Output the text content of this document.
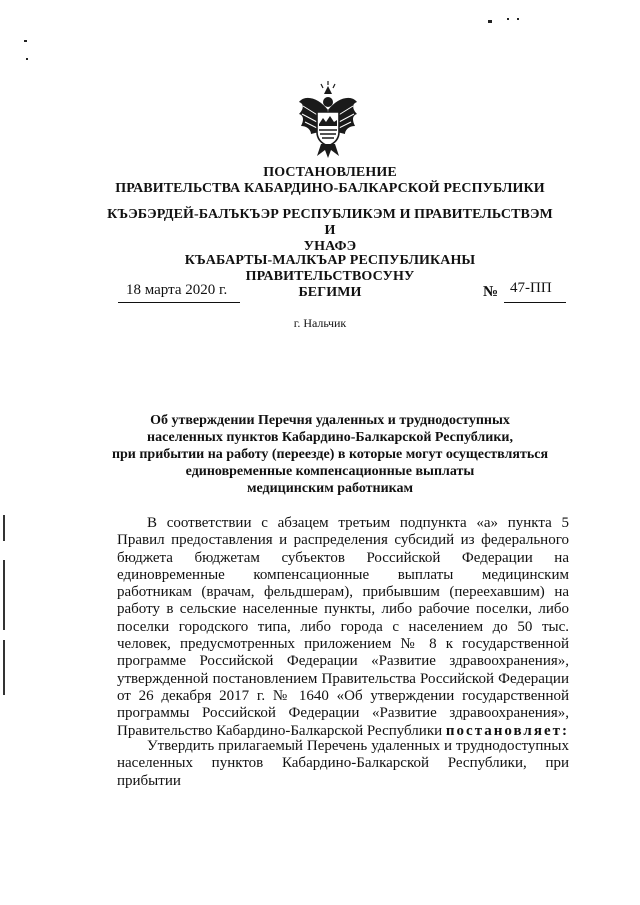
ПОСТАНОВЛЕНИЕ
ПРАВИТЕЛЬСТВА КАБАРДИНО-БАЛКАРСКОЙ РЕСПУБЛИКИ
КЪЭБЭРДЕЙ-БАЛЪКЪЭР РЕСПУБЛИКЭМ И ПРАВИТЕЛЬСТВЭМ И
УНАФЭ
КЪАБАРТЫ-МАЛКЪАР РЕСПУБЛИКАНЫ ПРАВИТЕЛЬСТВОСУНУ
БЕГИМИ
18 марта 2020 г.	№ 47-ПП
г. Нальчик
Об утверждении Перечня удаленных и труднодоступных
населенных пунктов Кабардино-Балкарской Республики,
при прибытии на работу (переезде) в которые могут осуществляться
единовременные компенсационные выплаты
медицинским работникам
В соответствии с абзацем третьим подпункта «а» пункта 5 Правил предоставления и распределения субсидий из федерального бюджета бюджетам субъектов Российской Федерации на единовременные компенсационные выплаты медицинским работникам (врачам, фельдшерам), прибывшим (переехавшим) на работу в сельские населенные пункты, либо рабочие поселки, либо поселки городского типа, либо города с населением до 50 тыс. человек, предусмотренных приложением № 8 к государственной программе Российской Федерации «Развитие здравоохранения», утвержденной постановлением Правительства Российской Федерации от 26 декабря 2017 г. № 1640 «Об утверждении государственной программы Российской Федерации «Развитие здравоохранения», Правительство Кабардино-Балкарской Республики постановляет:
Утвердить прилагаемый Перечень удаленных и труднодоступных населенных пунктов Кабардино-Балкарской Республики, при прибытии
